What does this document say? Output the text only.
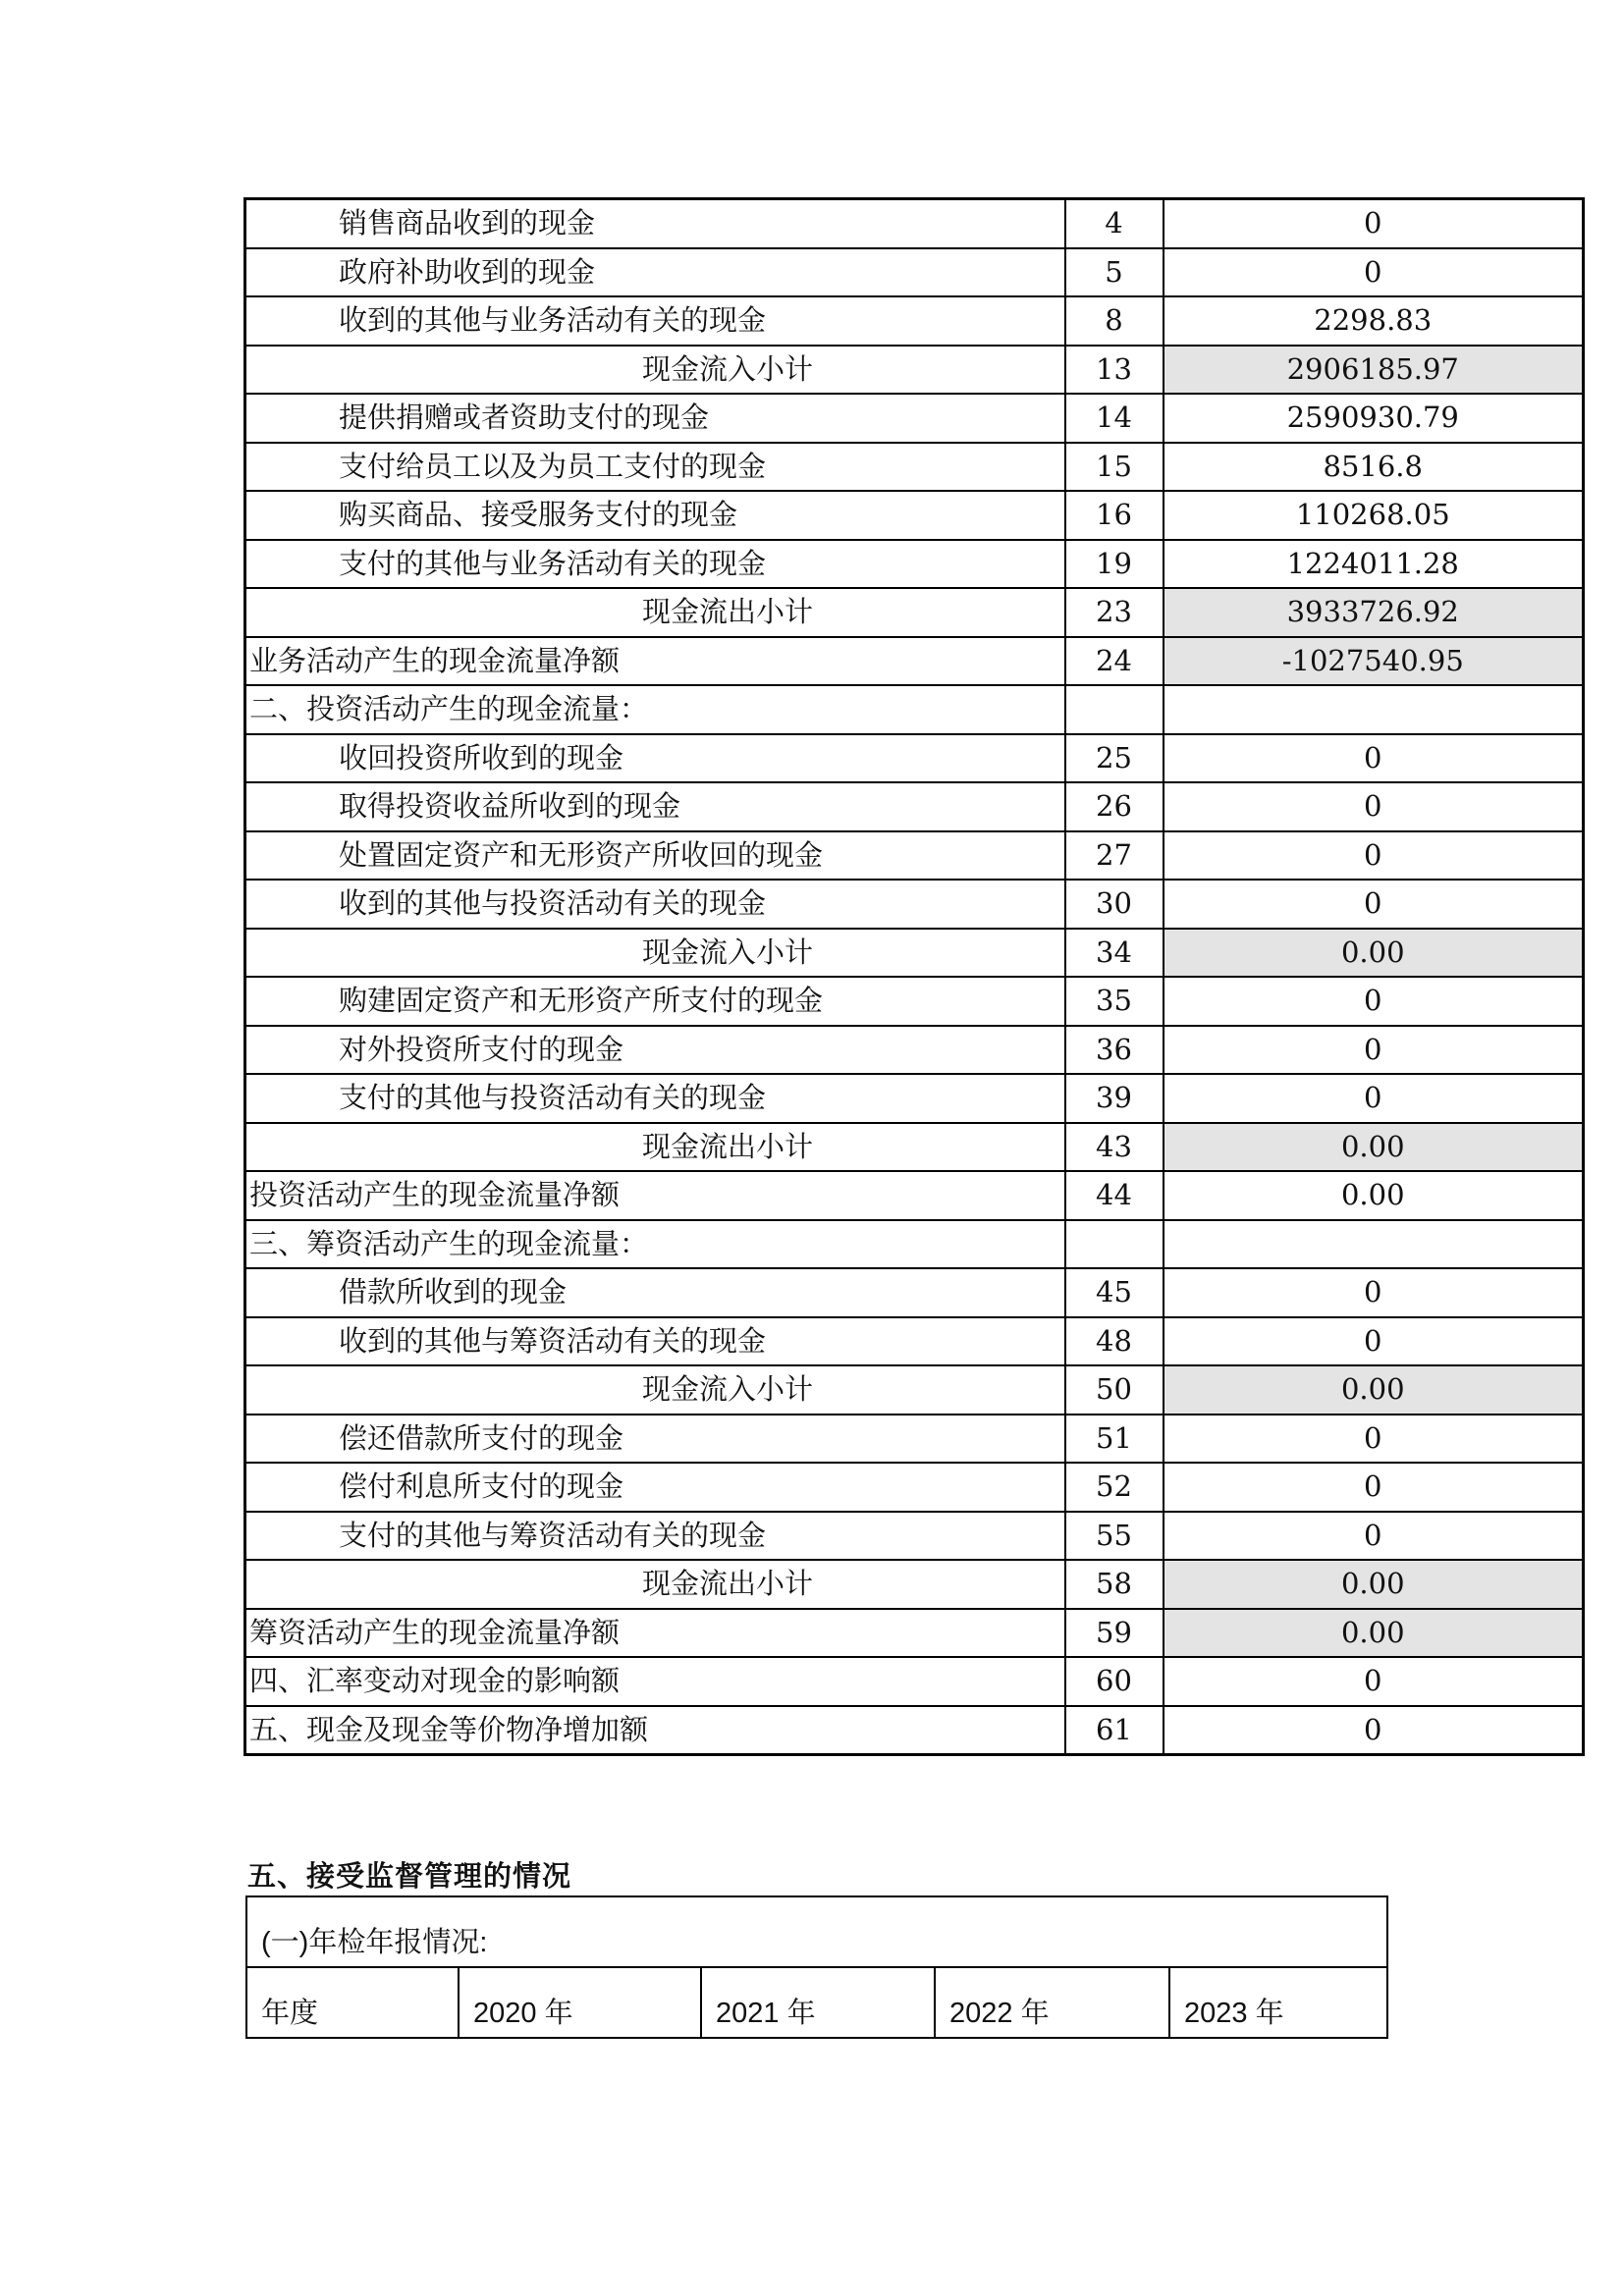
销售商品收到的现金	4	0
政府补助收到的现金	5	0
收到的其他与业务活动有关的现金	8	2298.83
现金流入小计	13	2906185.97
提供捐赠或者资助支付的现金	14	2590930.79
支付给员工以及为员工支付的现金	15	8516.8
购买商品、接受服务支付的现金	16	110268.05
支付的其他与业务活动有关的现金	19	1224011.28
现金流出小计	23	3933726.92
业务活动产生的现金流量净额	24	-1027540.95
二、投资活动产生的现金流量：		
收回投资所收到的现金	25	0
取得投资收益所收到的现金	26	0
处置固定资产和无形资产所收回的现金	27	0
收到的其他与投资活动有关的现金	30	0
现金流入小计	34	0.00
购建固定资产和无形资产所支付的现金	35	0
对外投资所支付的现金	36	0
支付的其他与投资活动有关的现金	39	0
现金流出小计	43	0.00
投资活动产生的现金流量净额	44	0.00
三、筹资活动产生的现金流量：		
借款所收到的现金	45	0
收到的其他与筹资活动有关的现金	48	0
现金流入小计	50	0.00
偿还借款所支付的现金	51	0
偿付利息所支付的现金	52	0
支付的其他与筹资活动有关的现金	55	0
现金流出小计	58	0.00
筹资活动产生的现金流量净额	59	0.00
四、汇率变动对现金的影响额	60	0
五、现金及现金等价物净增加额	61	0
五、接受监督管理的情况
(一)年检年报情况:
年度	2020 年	2021 年	2022 年	2023 年
